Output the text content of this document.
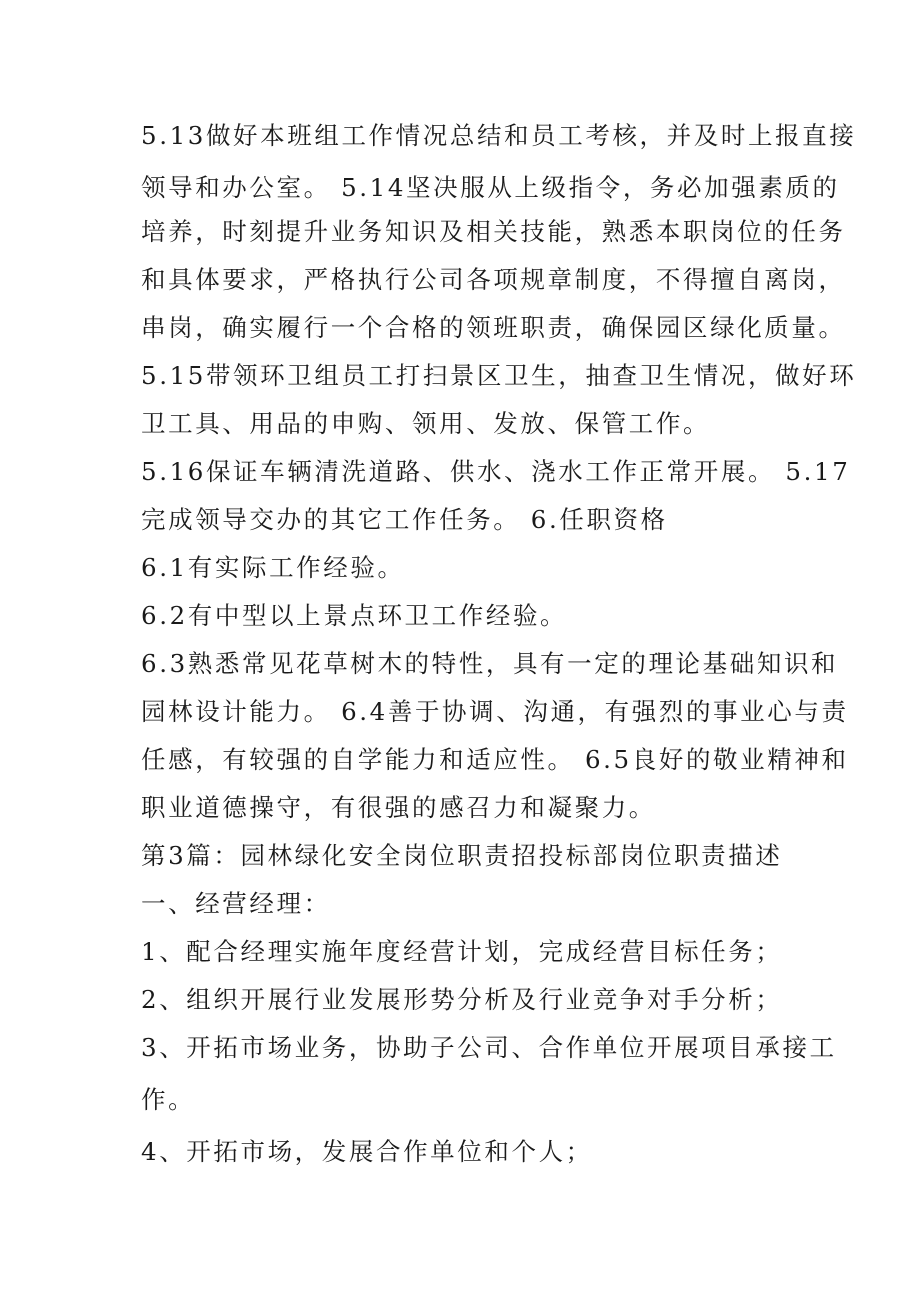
5.13做好本班组工作情况总结和员工考核，并及时上报直接
领导和办公室。 5.14坚决服从上级指令，务必加强素质的
培养，时刻提升业务知识及相关技能，熟悉本职岗位的任务
和具体要求，严格执行公司各项规章制度，不得擅自离岗，
串岗，确实履行一个合格的领班职责，确保园区绿化质量。
5.15带领环卫组员工打扫景区卫生，抽查卫生情况，做好环
卫工具、用品的申购、领用、发放、保管工作。
5.16保证车辆清洗道路、供水、浇水工作正常开展。 5.17
完成领导交办的其它工作任务。 6.任职资格
6.1有实际工作经验。
6.2有中型以上景点环卫工作经验。
6.3熟悉常见花草树木的特性，具有一定的理论基础知识和
园林设计能力。 6.4善于协调、沟通，有强烈的事业心与责
任感，有较强的自学能力和适应性。 6.5良好的敬业精神和
职业道德操守，有很强的感召力和凝聚力。
第3篇：园林绿化安全岗位职责招投标部岗位职责描述
一、经营经理：
1、配合经理实施年度经营计划，完成经营目标任务；
2、组织开展行业发展形势分析及行业竞争对手分析；
3、开拓市场业务，协助子公司、合作单位开展项目承接工
作。
4、开拓市场，发展合作单位和个人；
